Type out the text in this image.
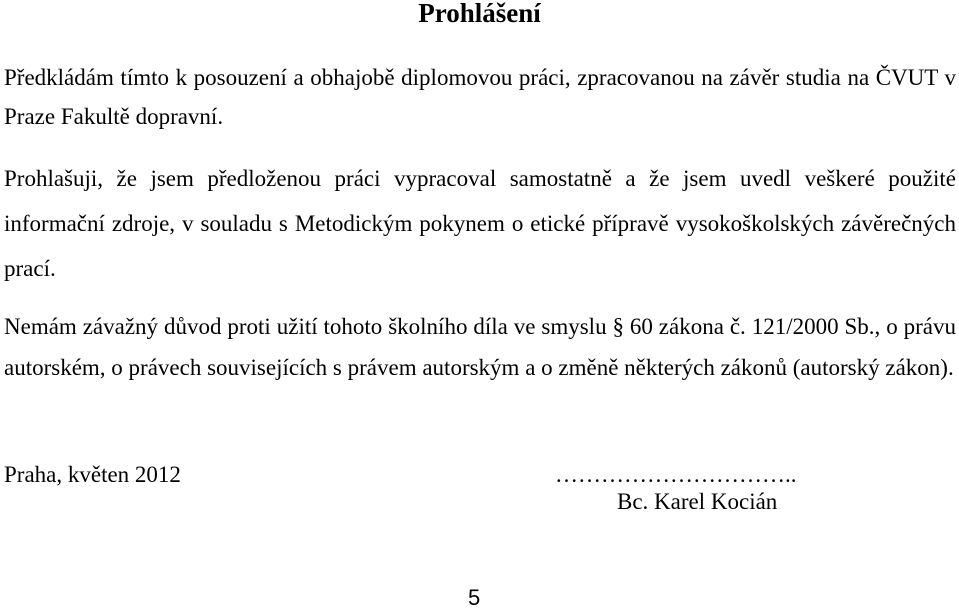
Prohlášení

Předkládám tímto k posouzení a obhajobě diplomovou práci, zpracovanou na závěr studia na ČVUT v Praze Fakultě dopravní.

Prohlašuji, že jsem předloženou práci vypracoval samostatně a že jsem uvedl veškeré použité informační zdroje, v souladu s Metodickým pokynem o etické přípravě vysokoškolských závěrečných prací.

Nemám závažný důvod proti užití tohoto školního díla ve smyslu § 60 zákona č. 121/2000 Sb., o právu autorském, o právech souvisejících s právem autorským a o změně některých zákonů (autorský zákon).

Praha, květen 2012	…………………………..

Bc. Karel Kocián

5
